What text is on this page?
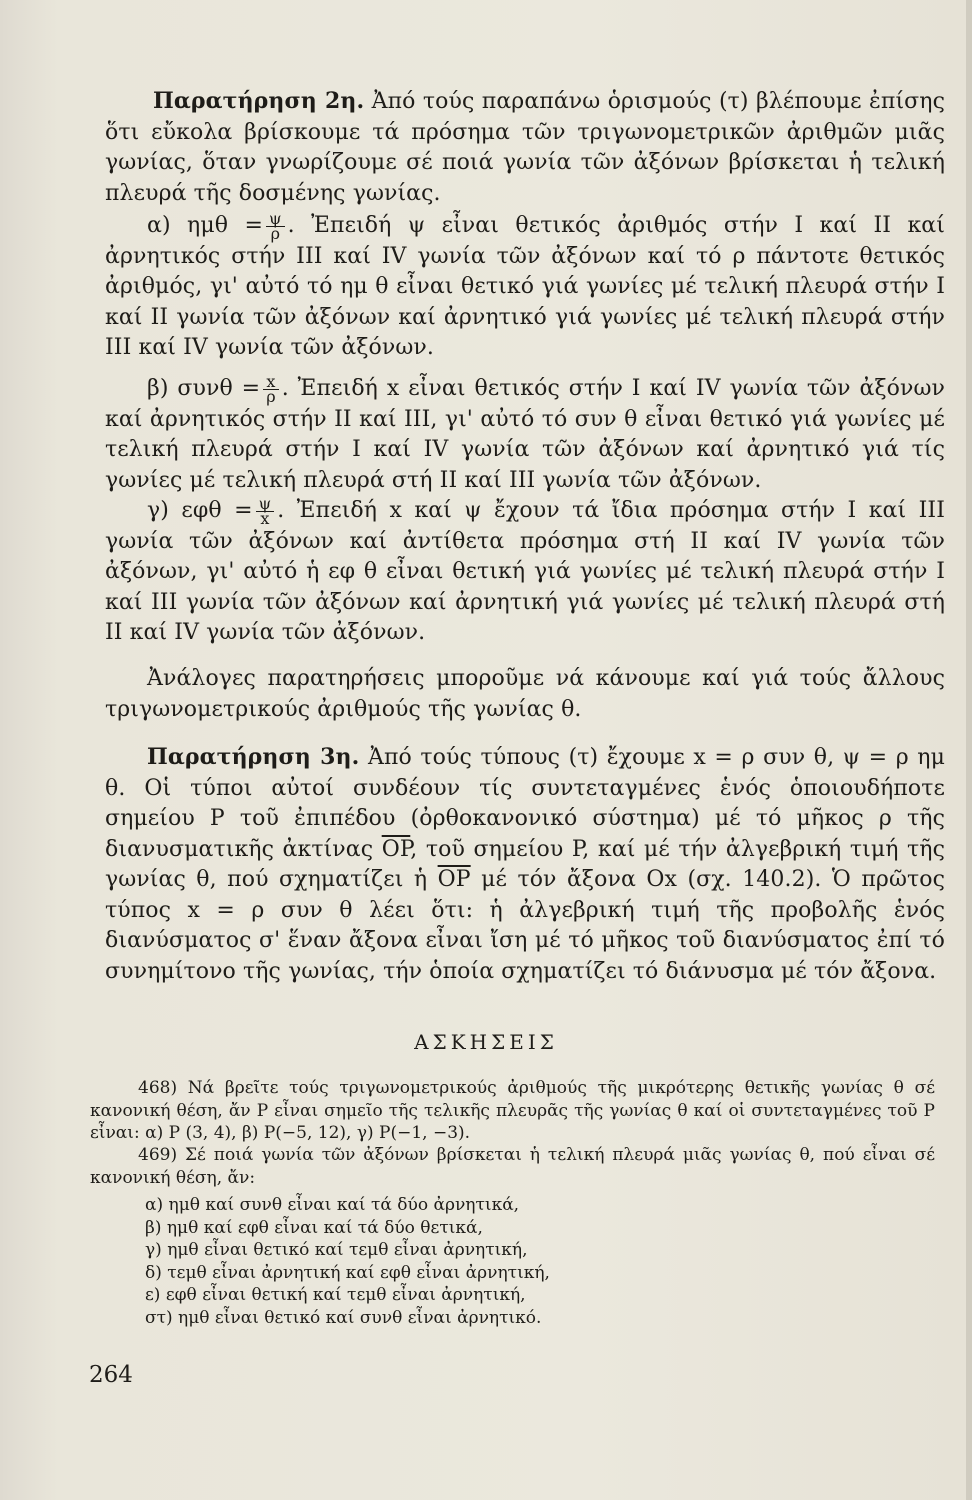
Παρατήρηση 2η. Ἀπό τούς παραπάνω ὁρισμούς (τ) βλέπουμε ἐπίσης ὅτι εὔκολα βρίσκουμε τά πρόσημα τῶν τριγωνομετρικῶν ἀριθμῶν μιᾶς γωνίας, ὅταν γνωρίζουμε σέ ποιά γωνία τῶν ἀξόνων βρίσκεται ἡ τελική πλευρά τῆς δοσμένης γωνίας.

α) $\eta\mu\theta = \frac{\psi}{\rho}$ . Ἐπειδή ψ εἶναι θετικός ἀριθμός στήν I καί II καί ἀρνητικός στήν III καί IV γωνία τῶν ἀξόνων καί τό ρ πάντοτε θετικός ἀριθμός, γι' αὐτό τό ημ θ εἶναι θετικό γιά γωνίες μέ τελική πλευρά στήν I καί II γωνία τῶν ἀξόνων καί ἀρνητικό γιά γωνίες μέ τελική πλευρά στήν III καί IV γωνία τῶν ἀξόνων.

β) $\sigma\upsilon\nu\theta = \frac{x}{\rho}$ . Ἐπειδή x εἶναι θετικός στήν I καί IV γωνία τῶν ἀξόνων καί ἀρνητικός στήν II καί III, γι' αὐτό τό συν θ εἶναι θετικό γιά γωνίες μέ τελική πλευρά στήν I καί IV γωνία τῶν ἀξόνων καί ἀρνητικό γιά τίς γωνίες μέ τελική πλευρά στή II καί III γωνία τῶν ἀξόνων.

γ) $\varepsilon\varphi\theta = \frac{\psi}{x}$ . Ἐπειδή x καί ψ ἔχουν τά ἴδια πρόσημα στήν I καί III γωνία τῶν ἀξόνων καί ἀντίθετα πρόσημα στή II καί IV γωνία τῶν ἀξόνων, γι' αὐτό ἡ εφ θ εἶναι θετική γιά γωνίες μέ τελική πλευρά στήν I καί III γωνία τῶν ἀξόνων καί ἀρνητική γιά γωνίες μέ τελική πλευρά στή II καί IV γωνία τῶν ἀξόνων.

Ἀνάλογες παρατηρήσεις μποροῦμε νά κάνουμε καί γιά τούς ἄλλους τριγωνομετρικούς ἀριθμούς τῆς γωνίας θ.

Παρατήρηση 3η. Ἀπό τούς τύπους (τ) ἔχουμε x = ρ συν θ, ψ = ρ ημ θ. Οἱ τύποι αὐτοί συνδέουν τίς συντεταγμένες ἑνός ὁποιουδήποτε σημείου P τοῦ ἐπιπέδου (ὀρθοκανονικό σύστημα) μέ τό μῆκος ρ τῆς διανυσματικῆς ἀκτίνας $\overline{OP}$, τοῦ σημείου P, καί μέ τήν ἀλγεβρική τιμή τῆς γωνίας θ, πού σχηματίζει ἡ $\overline{OP}$ μέ τόν ἄξονα Ox (σχ. 140.2). Ὁ πρῶτος τύπος x = ρ συν θ λέει ὅτι: ἡ ἀλγεβρική τιμή τῆς προβολῆς ἑνός διανύσματος σ' ἕναν ἄξονα εἶναι ἴση μέ τό μῆκος τοῦ διανύσματος ἐπί τό συνημίτονο τῆς γωνίας, τήν ὁποία σχηματίζει τό διάνυσμα μέ τόν ἄξονα.

ΑΣΚΗΣΕΙΣ

468) Νά βρεῖτε τούς τριγωνομετρικούς ἀριθμούς τῆς μικρότερης θετικῆς γωνίας θ σέ κανονική θέση, ἄν P εἶναι σημεῖο τῆς τελικῆς πλευρᾶς τῆς γωνίας θ καί οἱ συντεταγμένες τοῦ P εἶναι: α) P (3, 4), β) P(−5, 12), γ) P(−1, −3).

469) Σέ ποιά γωνία τῶν ἀξόνων βρίσκεται ἡ τελική πλευρά μιᾶς γωνίας θ, πού εἶναι σέ κανονική θέση, ἄν:

α) ημθ καί συνθ εἶναι καί τά δύο ἀρνητικά,
β) ημθ καί εφθ εἶναι καί τά δύο θετικά,
γ) ημθ εἶναι θετικό καί τεμθ εἶναι ἀρνητική,
δ) τεμθ εἶναι ἀρνητική καί εφθ εἶναι ἀρνητική,
ε) εφθ εἶναι θετική καί τεμθ εἶναι ἀρνητική,
στ) ημθ εἶναι θετικό καί συνθ εἶναι ἀρνητικό.

264
